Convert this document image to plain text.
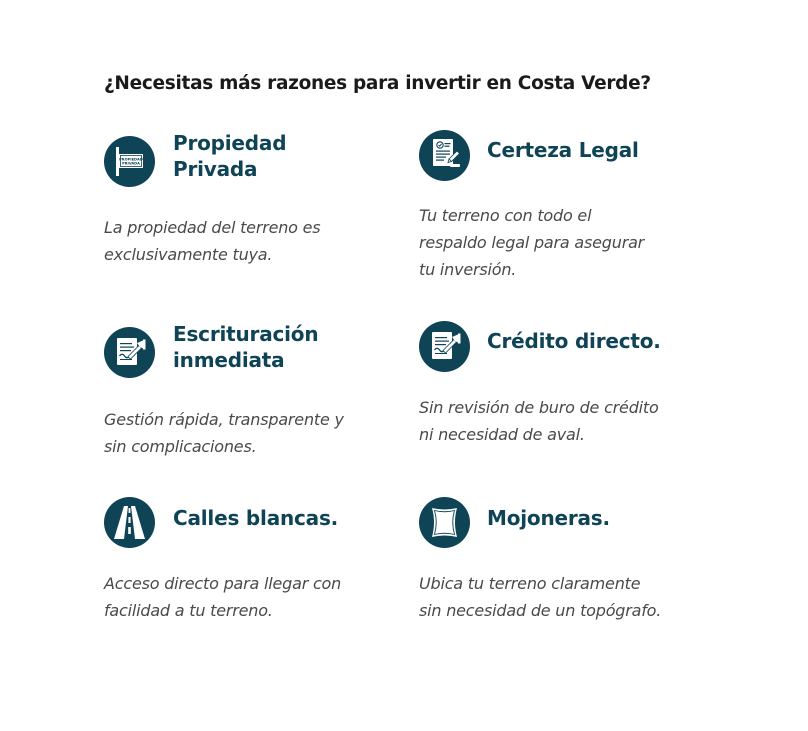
¿Necesitas más razones para invertir en Costa Verde?
PROPIEDAD
PRIVADA
Propiedad
Privada

La propiedad del terreno es
exclusivamente tuya.

Certeza Legal

Tu terreno con todo el
respaldo legal para asegurar
tu inversión.

Escrituración
inmediata

Gestión rápida, transparente y
sin complicaciones.

Crédito directo.

Sin revisión de buro de crédito
ni necesidad de aval.

Calles blancas.

Acceso directo para llegar con
facilidad a tu terreno.

Mojoneras.

Ubica tu terreno claramente
sin necesidad de un topógrafo.
